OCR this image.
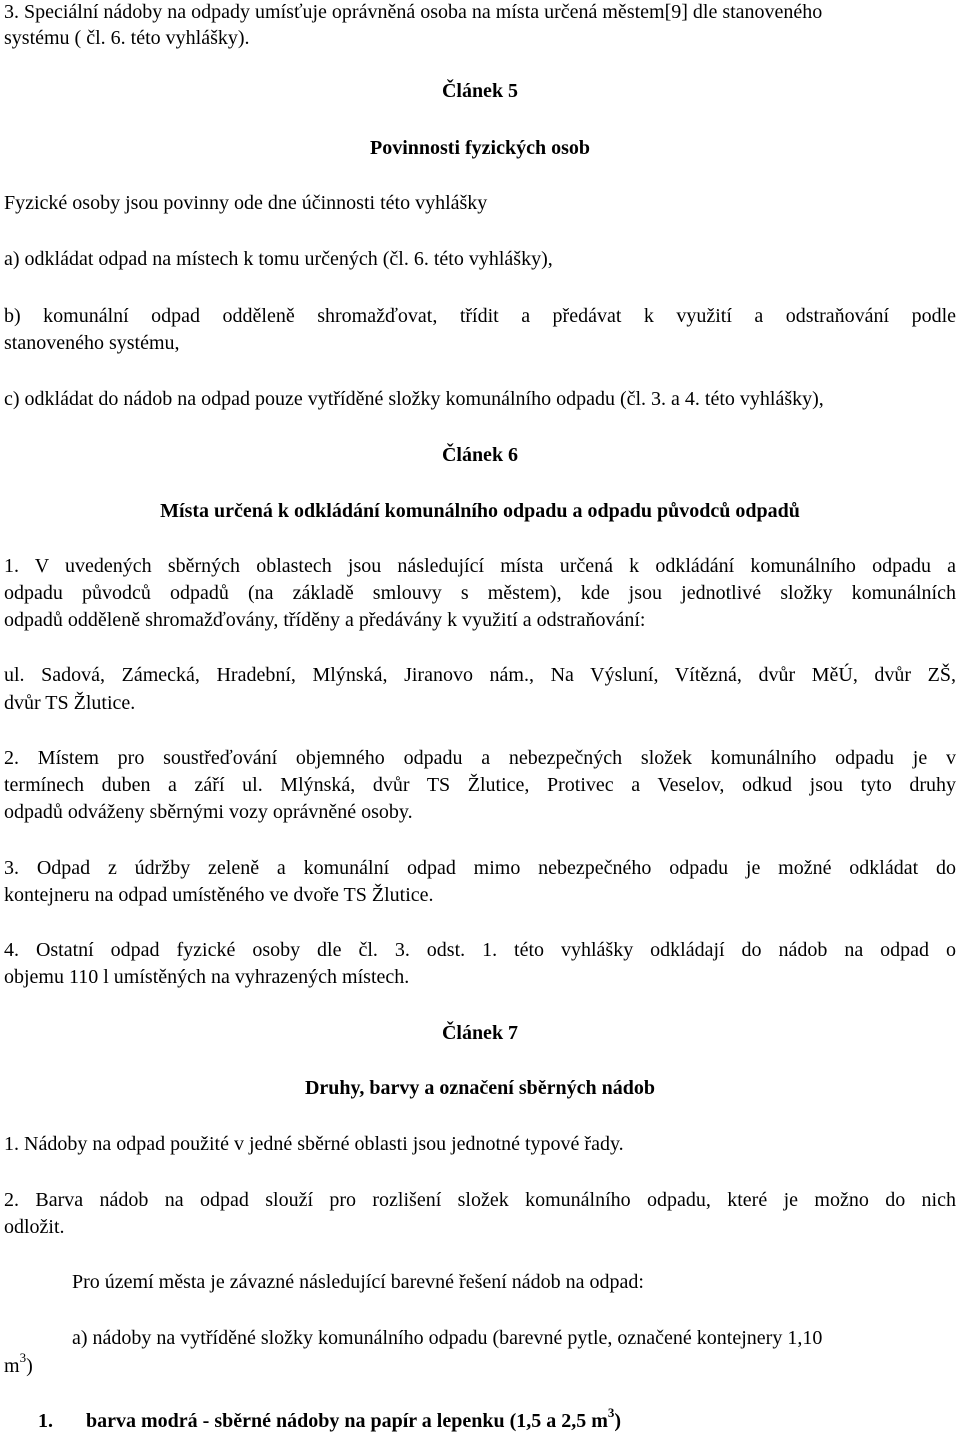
3. Speciální nádoby na odpady umísťuje oprávněná osoba na místa určená městem[9] dle stanoveného
systému ( čl. 6. této vyhlášky).
Článek 5
Povinnosti fyzických osob
Fyzické osoby jsou povinny ode dne účinnosti této vyhlášky
a) odkládat odpad na místech k tomu určených (čl. 6. této vyhlášky),
b) komunální odpad odděleně shromažďovat, třídit a předávat k využití a odstraňování podle
stanoveného systému,
c) odkládat do nádob na odpad pouze vytříděné složky komunálního odpadu (čl. 3. a 4. této vyhlášky),
Článek 6
Místa určená k odkládání komunálního odpadu a odpadu původců odpadů
1. V uvedených sběrných oblastech jsou následující místa určená k odkládání komunálního odpadu a
odpadu původců odpadů (na základě smlouvy s městem), kde jsou jednotlivé složky komunálních
odpadů odděleně shromažďovány, tříděny a předávány k využití a odstraňování:
ul. Sadová, Zámecká, Hradební, Mlýnská, Jiranovo nám., Na Výsluní, Vítězná, dvůr MěÚ, dvůr ZŠ,
dvůr TS Žlutice.
2. Místem pro soustřeďování objemného odpadu a nebezpečných složek komunálního odpadu je v
termínech duben a září ul. Mlýnská, dvůr TS Žlutice, Protivec a Veselov, odkud jsou tyto druhy
odpadů odváženy sběrnými vozy oprávněné osoby.
3. Odpad z údržby zeleně a komunální odpad mimo nebezpečného odpadu je možné odkládat do
kontejneru na odpad umístěného ve dvoře TS Žlutice.
4. Ostatní odpad fyzické osoby dle čl. 3. odst. 1. této vyhlášky odkládají do nádob na odpad o
objemu 110 l umístěných na vyhrazených místech.
Článek 7
Druhy, barvy a označení sběrných nádob
1. Nádoby na odpad použité v jedné sběrné oblasti jsou jednotné typové řady.
2. Barva nádob na odpad slouží pro rozlišení složek komunálního odpadu, které je možno do nich
odložit.
Pro území města je závazné následující barevné řešení nádob na odpad:
a) nádoby na vytříděné složky komunálního odpadu (barevné pytle, označené kontejnery 1,10
$m^3$)
1. barva modrá - sběrné nádoby na papír a lepenku (1,5 a 2,5 $m^3$)
